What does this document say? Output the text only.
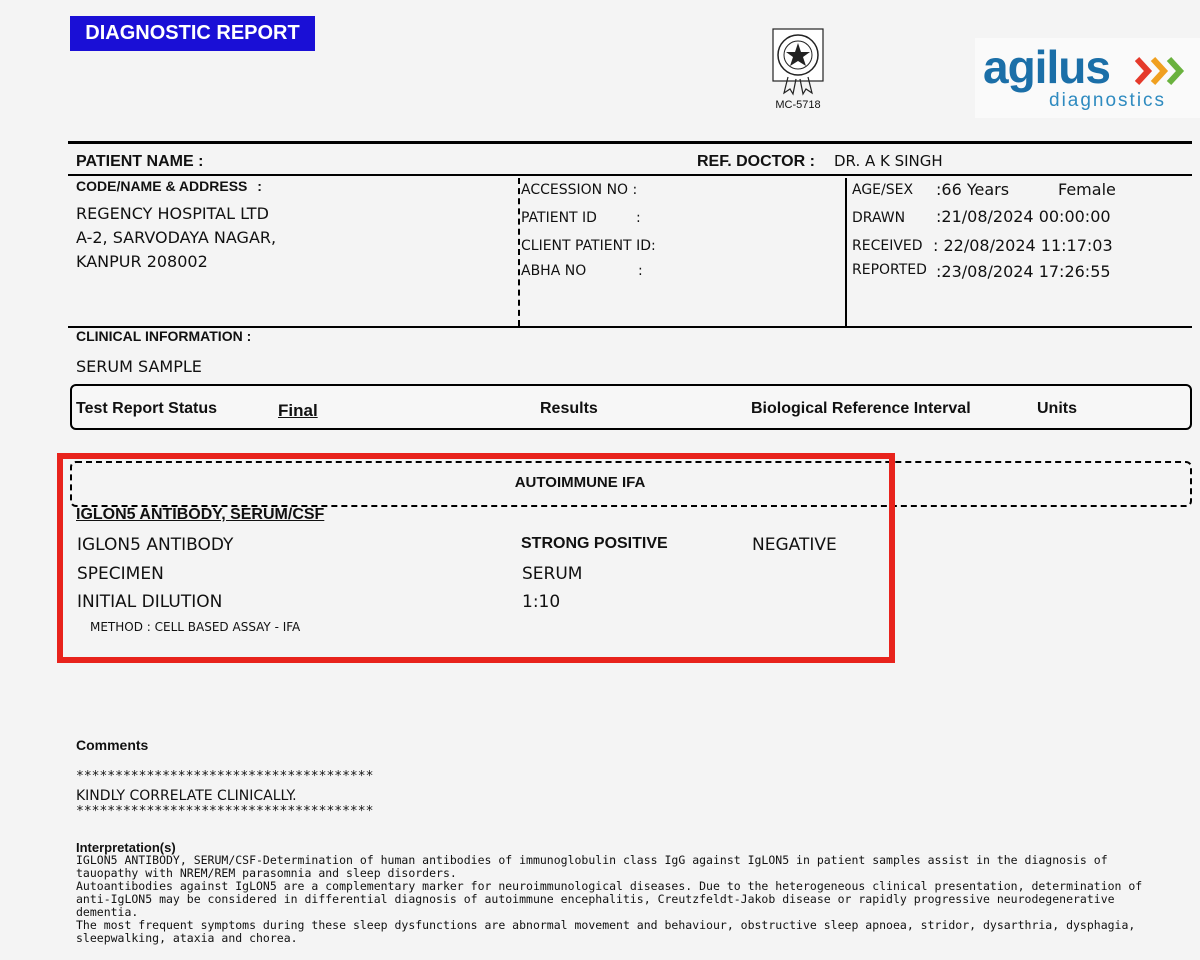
DIAGNOSTIC REPORT
MC-5718
agilus
diagnostics
PATIENT NAME :	REF. DOCTOR : DR. A K SINGH
CODE/NAME & ADDRESS :
REGENCY HOSPITAL LTD
A-2, SARVODAYA NAGAR,
KANPUR 208002
ACCESSION NO :
PATIENT ID	:
CLIENT PATIENT ID:
ABHA NO	:
AGE/SEX :66 Years	Female
DRAWN :21/08/2024 00:00:00
RECEIVED : 22/08/2024 11:17:03
REPORTED :23/08/2024 17:26:55
CLINICAL INFORMATION :
SERUM SAMPLE
Test Report Status	Final	Results	Biological Reference Interval	Units
AUTOIMMUNE IFA
IGLON5 ANTIBODY, SERUM/CSF
IGLON5 ANTIBODY	STRONG POSITIVE	NEGATIVE
SPECIMEN	SERUM
INITIAL DILUTION	1:10
METHOD : CELL BASED ASSAY - IFA
Comments
**************************************
KINDLY CORRELATE CLINICALLY.
**************************************

Interpretation(s)

IGLON5 ANTIBODY, SERUM/CSF-Determination of human antibodies of immunoglobulin class IgG against IgLON5 in patient samples assist in the diagnosis of tauopathy with NREM/REM parasomnia and sleep disorders.

Autoantibodies against IgLON5 are a complementary marker for neuroimmunological diseases. Due to the heterogeneous clinical presentation, determination of anti-IgLON5 may be considered in differential diagnosis of autoimmune encephalitis, Creutzfeldt-Jakob disease or rapidly progressive neurodegenerative dementia.

The most frequent symptoms during these sleep dysfunctions are abnormal movement and behaviour, obstructive sleep apnoea, stridor, dysarthria, dysphagia, sleepwalking, ataxia and chorea.
